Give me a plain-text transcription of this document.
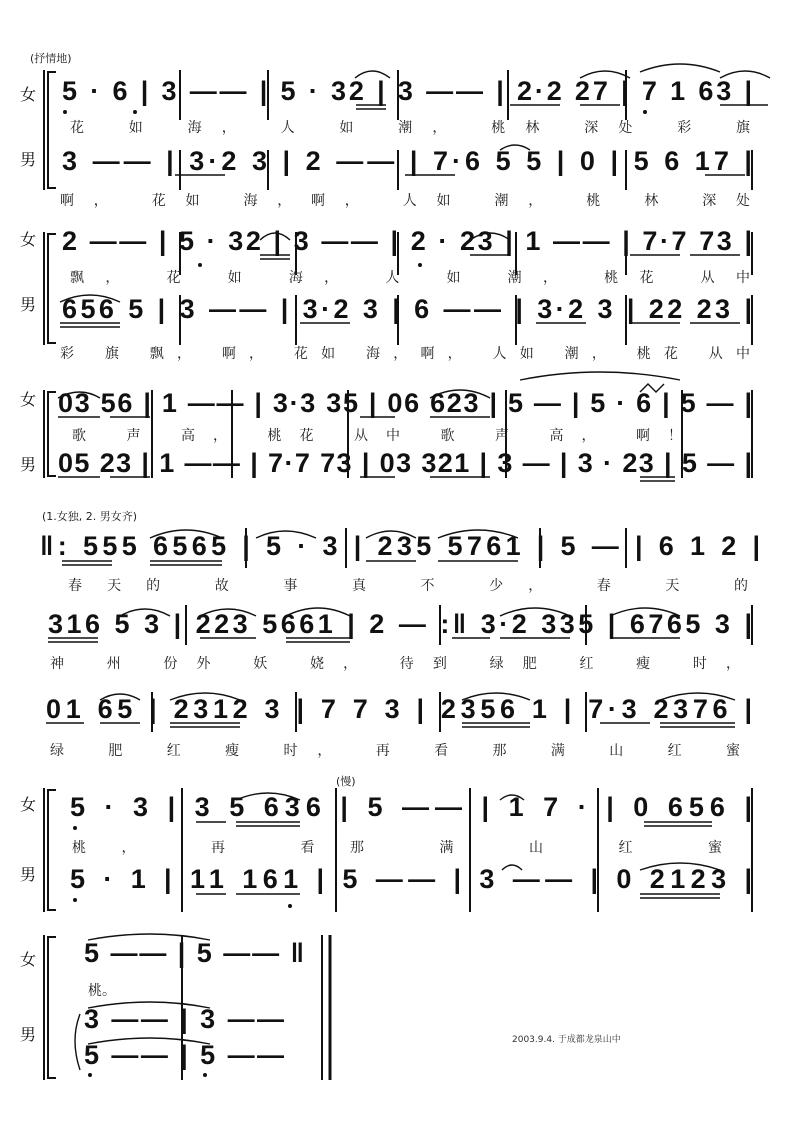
(抒情地)
女
男
5 · 6 | 3 —— | 5 · 32 | 3 —— | 2·2 27 | 7 1 63 |
花 如 海， 人 如 潮， 桃林 深处 彩 旗
3 —— | 3·2 3 | 2 —— | 7·6 5 5 | 0 | 5 6 17 |
啊， 花如 海，啊， 人如 潮， 桃 林 深处
女
男
2 —— | 5 · 32 | 3 —— | 2 · 23 | 1 —— | 7·7 73 |
飘， 花 如 海， 人 如 潮， 桃花 从中
656 5 | 3 —— | 3·2 3 | 6 —— | 3·2 3 | 22 23 |
彩 旗 飘， 啊， 花如 海，啊， 人如 潮， 桃花 从中
女
男
03 56 | 1 —— | 3·3 35 | 06 623 | 5 — | 5 · 6 | 5 — |
歌 声 高， 桃花 从中 歌 声 高， 啊！
05 23 | 1 —— | 7·7 73 | 03 321 | 3 — | 3 · 23 | 5 — |
(1.女独, 2. 男女齐)
‖: 555 6565 | 5 · 3 | 235 5761 | 5 — | 6 1 2 |
春天的 故 事 真 不 少， 春 天 的
316 5 3 | 223 5661 | 2 — :‖ 3·2 335 | 6765 3 |
神 州 份外 妖 娆， 待到 绿肥 红 瘦 时，
01 65 | 2312 3 | 7 7 3 | 2356 1 | 7·3 2376 |
绿 肥 红 瘦 时， 再 看 那 满 山 红 蜜
(慢)
女
男
5 · 3 | 3 5 636 | 5 —— | 1 7 · | 0 656 |
桃， 再 看那 满 山 红 蜜
5 · 1 | 11 161 | 5 —— | 3 —— | 0 2123 |
女
男
5 —— | 5 —— ‖
桃。
3 —— | 3 ——
5 —— | 5 ——	2003.9.4. 于成都龙泉山中
